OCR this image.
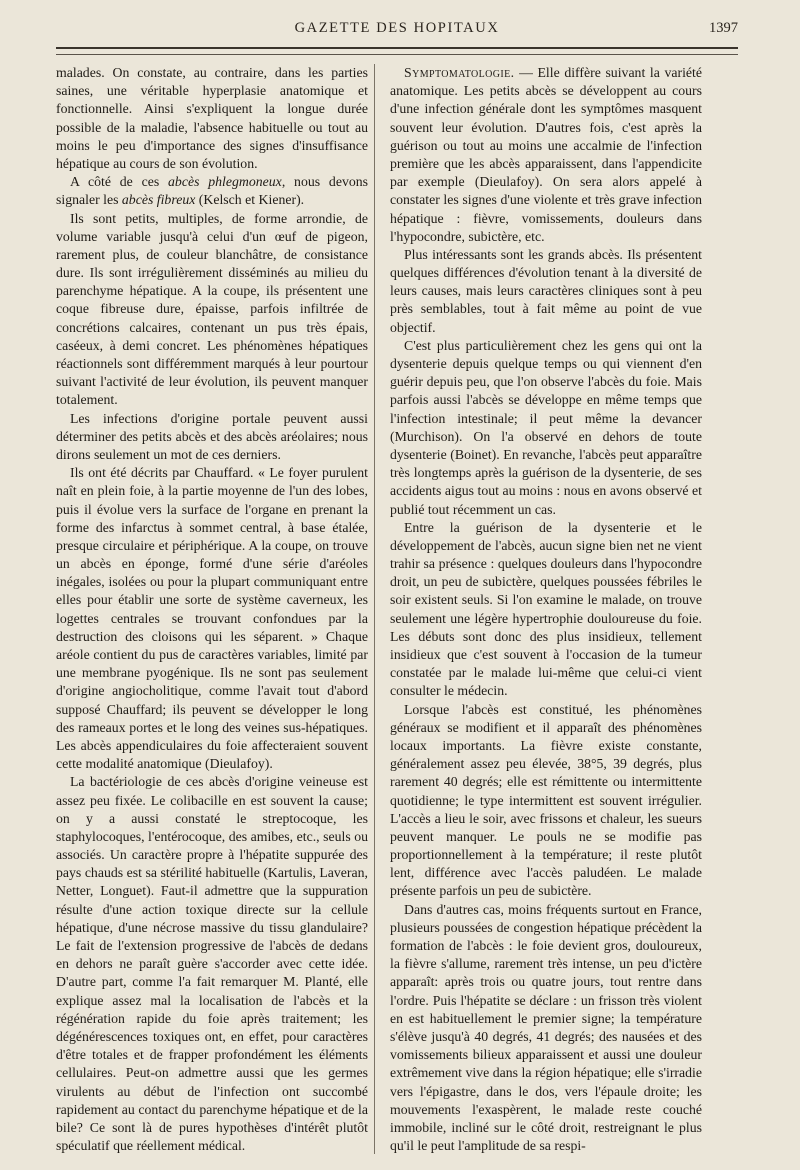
GAZETTE DES HOPITAUX	1397

malades. On constate, au contraire, dans les parties saines, une véritable hyperplasie anatomique et fonctionnelle. Ainsi s'expliquent la longue durée possible de la maladie, l'absence habituelle ou tout au moins le peu d'importance des signes d'insuffisance hépatique au cours de son évolution.

A côté de ces abcès phlegmoneux, nous devons signaler les abcès fibreux (Kelsch et Kiener).

Ils sont petits, multiples, de forme arrondie, de volume variable jusqu'à celui d'un œuf de pigeon, rarement plus, de couleur blanchâtre, de consistance dure. Ils sont irrégulièrement disséminés au milieu du parenchyme hépatique. A la coupe, ils présentent une coque fibreuse dure, épaisse, parfois infiltrée de concrétions calcaires, contenant un pus très épais, caséeux, à demi concret. Les phénomènes hépatiques réactionnels sont différemment marqués à leur pourtour suivant l'activité de leur évolution, ils peuvent manquer totalement.

Les infections d'origine portale peuvent aussi déterminer des petits abcès et des abcès aréolaires; nous dirons seulement un mot de ces derniers.

Ils ont été décrits par Chauffard. « Le foyer purulent naît en plein foie, à la partie moyenne de l'un des lobes, puis il évolue vers la surface de l'organe en prenant la forme des infarctus à sommet central, à base étalée, presque circulaire et périphérique. A la coupe, on trouve un abcès en éponge, formé d'une série d'aréoles inégales, isolées ou pour la plupart communiquant entre elles pour établir une sorte de système caverneux, les logettes centrales se trouvant confondues par la destruction des cloisons qui les séparent. » Chaque aréole contient du pus de caractères variables, limité par une membrane pyogénique. Ils ne sont pas seulement d'origine angiocholitique, comme l'avait tout d'abord supposé Chauffard; ils peuvent se développer le long des rameaux portes et le long des veines sus-hépatiques. Les abcès appendiculaires du foie affecteraient souvent cette modalité anatomique (Dieulafoy).

La bactériologie de ces abcès d'origine veineuse est assez peu fixée. Le colibacille en est souvent la cause; on y a aussi constaté le streptocoque, les staphylocoques, l'entérocoque, des amibes, etc., seuls ou associés. Un caractère propre à l'hépatite suppurée des pays chauds est sa stérilité habituelle (Kartulis, Laveran, Netter, Longuet). Faut-il admettre que la suppuration résulte d'une action toxique directe sur la cellule hépatique, d'une nécrose massive du tissu glandulaire? Le fait de l'extension progressive de l'abcès de dedans en dehors ne paraît guère s'accorder avec cette idée. D'autre part, comme l'a fait remarquer M. Planté, elle explique assez mal la localisation de l'abcès et la régénération rapide du foie après traitement; les dégénérescences toxiques ont, en effet, pour caractères d'être totales et de frapper profondément les éléments cellulaires. Peut-on admettre aussi que les germes virulents au début de l'infection ont succombé rapidement au contact du parenchyme hépatique et de la bile? Ce sont là de pures hypothèses d'intérêt plutôt spéculatif que réellement médical.

Symptomatologie. — Elle diffère suivant la variété anatomique. Les petits abcès se développent au cours d'une infection générale dont les symptômes masquent souvent leur évolution. D'autres fois, c'est après la guérison ou tout au moins une accalmie de l'infection première que les abcès apparaissent, dans l'appendicite par exemple (Dieulafoy). On sera alors appelé à constater les signes d'une violente et très grave infection hépatique : fièvre, vomissements, douleurs dans l'hypocondre, subictère, etc.

Plus intéressants sont les grands abcès. Ils présentent quelques différences d'évolution tenant à la diversité de leurs causes, mais leurs caractères cliniques sont à peu près semblables, tout à fait même au point de vue objectif.

C'est plus particulièrement chez les gens qui ont la dysenterie depuis quelque temps ou qui viennent d'en guérir depuis peu, que l'on observe l'abcès du foie. Mais parfois aussi l'abcès se développe en même temps que l'infection intestinale; il peut même la devancer (Murchison). On l'a observé en dehors de toute dysenterie (Boinet). En revanche, l'abcès peut apparaître très longtemps après la guérison de la dysenterie, de ses accidents aigus tout au moins : nous en avons observé et publié tout récemment un cas.

Entre la guérison de la dysenterie et le développement de l'abcès, aucun signe bien net ne vient trahir sa présence : quelques douleurs dans l'hypocondre droit, un peu de subictère, quelques poussées fébriles le soir existent seuls. Si l'on examine le malade, on trouve seulement une légère hypertrophie douloureuse du foie. Les débuts sont donc des plus insidieux, tellement insidieux que c'est souvent à l'occasion de la tumeur constatée par le malade lui-même que celui-ci vient consulter le médecin.

Lorsque l'abcès est constitué, les phénomènes généraux se modifient et il apparaît des phénomènes locaux importants. La fièvre existe constante, généralement assez peu élevée, 38°5, 39 degrés, plus rarement 40 degrés; elle est rémittente ou intermittente quotidienne; le type intermittent est souvent irrégulier. L'accès a lieu le soir, avec frissons et chaleur, les sueurs peuvent manquer. Le pouls ne se modifie pas proportionnellement à la température; il reste plutôt lent, différence avec l'accès paludéen. Le malade présente parfois un peu de subictère.

Dans d'autres cas, moins fréquents surtout en France, plusieurs poussées de congestion hépatique précèdent la formation de l'abcès : le foie devient gros, douloureux, la fièvre s'allume, rarement très intense, un peu d'ictère apparaît: après trois ou quatre jours, tout rentre dans l'ordre. Puis l'hépatite se déclare : un frisson très violent en est habituellement le premier signe; la température s'élève jusqu'à 40 degrés, 41 degrés; des nausées et des vomissements bilieux apparaissent et aussi une douleur extrêmement vive dans la région hépatique; elle s'irradie vers l'épigastre, dans le dos, vers l'épaule droite; les mouvements l'exaspèrent, le malade reste couché immobile, incliné sur le côté droit, restreignant le plus qu'il le peut l'amplitude de sa respi-
